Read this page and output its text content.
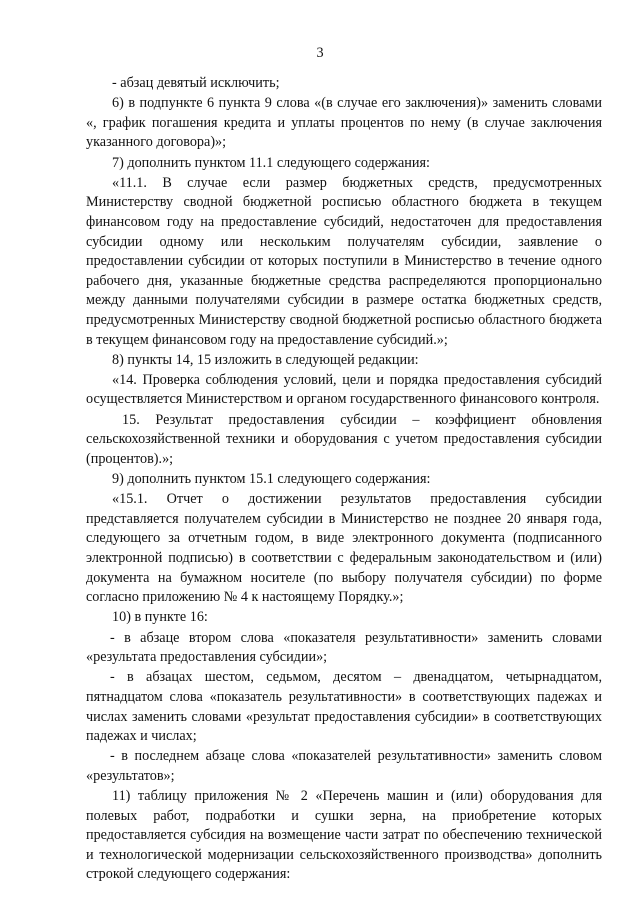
3

- абзац девятый исключить;

6) в подпункте 6 пункта 9 слова «(в случае его заключения)» заменить словами «, график погашения кредита и уплаты процентов по нему (в случае заключения указанного договора)»;

7) дополнить пунктом 11.1 следующего содержания:

«11.1. В случае если размер бюджетных средств, предусмотренных Министерству сводной бюджетной росписью областного бюджета в текущем финансовом году на предоставление субсидий, недостаточен для предоставления субсидии одному или нескольким получателям субсидии, заявление о предоставлении субсидии от которых поступили в Министерство в течение одного рабочего дня, указанные бюджетные средства распределяются пропорционально между данными получателями субсидии в размере остатка бюджетных средств, предусмотренных Министерству сводной бюджетной росписью областного бюджета в текущем финансовом году на предоставление субсидий.»;

8) пункты 14, 15 изложить в следующей редакции:

«14. Проверка соблюдения условий, цели и порядка предоставления субсидий осуществляется Министерством и органом государственного финансового контроля.

15. Результат предоставления субсидии – коэффициент обновления сельскохозяйственной техники и оборудования с учетом предоставления субсидии (процентов).»;

9) дополнить пунктом 15.1 следующего содержания:

«15.1. Отчет о достижении результатов предоставления субсидии представляется получателем субсидии в Министерство не позднее 20 января года, следующего за отчетным годом, в виде электронного документа (подписанного электронной подписью) в соответствии с федеральным законодательством и (или) документа на бумажном носителе (по выбору получателя субсидии) по форме согласно приложению № 4 к настоящему Порядку.»;

10) в пункте 16:

- в абзаце втором слова «показателя результативности» заменить словами «результата предоставления субсидии»;

- в абзацах шестом, седьмом, десятом – двенадцатом, четырнадцатом, пятнадцатом слова «показатель результативности» в соответствующих падежах и числах заменить словами «результат предоставления субсидии» в соответствующих падежах и числах;

- в последнем абзаце слова «показателей результативности» заменить словом «результатов»;

11) таблицу приложения № 2 «Перечень машин и (или) оборудования для полевых работ, подработки и сушки зерна, на приобретение которых предоставляется субсидия на возмещение части затрат по обеспечению технической и технологической модернизации сельскохозяйственного производства» дополнить строкой следующего содержания:
